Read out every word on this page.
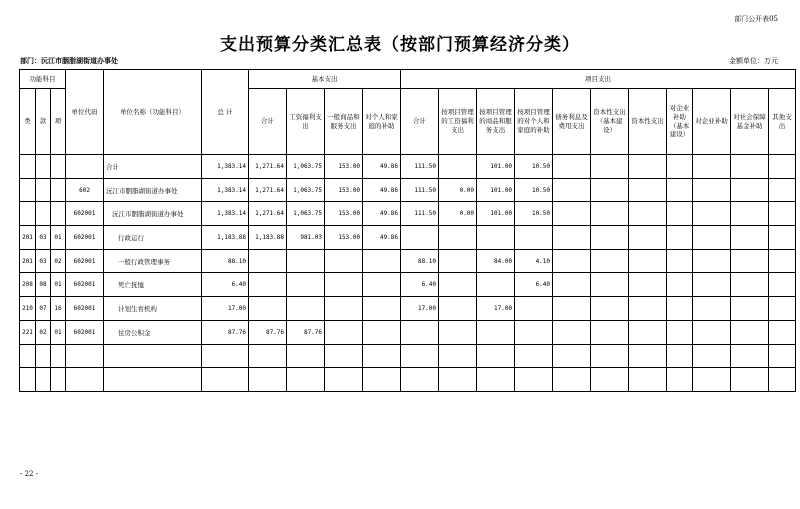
部门公开表05
支出预算分类汇总表（按部门预算经济分类）
部门：沅江市胭脂湖街道办事处	金额单位：万元
功能科目			单位代码	单位名称（功能科目）	总 计	基本支出				项目支出										
类	款	项				合计	工资福利支出	一般商品和服务支出	对个人和家庭的补助	合计	按项目管理的工资福利支出	按项目管理的商品和服务支出	按项目管理的对个人和家庭的补助	债务利息及费用支出	资本性支出（基本建设）	资本性支出	对企业补助（基本建设）	对企业补助	对社会保障基金补助	其他支出

				合计	1,383.14	1,271.64	1,063.75	153.00	49.86	111.50		101.00	10.50							
			602	沅江市胭脂湖街道办事处	1,383.14	1,271.64	1,063.75	153.00	49.86	111.50	0.00	101.00	10.50							
			602001	沅江市胭脂湖街道办事处	1,383.14	1,271.64	1,063.75	153.00	49.86	111.50	0.00	101.00	10.50							
201	03	01	602001	行政运行	1,183.88	1,183.88	981.03	153.00	49.86											
201	03	02	602001	一般行政管理事务	88.10					88.10		84.00	4.10							
208	08	01	602001	死亡抚恤	6.40					6.40			6.40							
210	07	16	602001	计划生育机构	17.00					17.00		17.00								
221	02	01	602001	住房公积金	87.76	87.76	87.76													

- 22 -
